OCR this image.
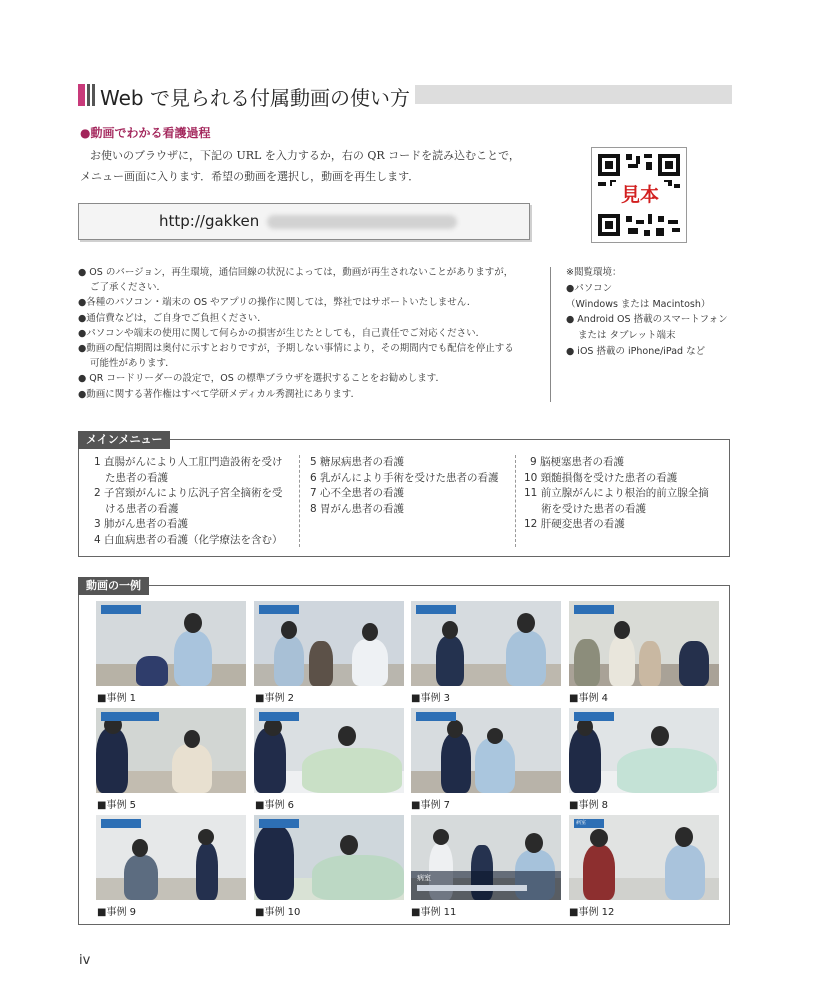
Web で見られる付属動画の使い方
●動画でわかる看護過程
お使いのブラウザに，下記の URL を入力するか，右の QR コードを読み込むことで，
メニュー画面に入ります．希望の動画を選択し，動画を再生します．
http://gakken
見本
● OS のバージョン，再生環境，通信回線の状況によっては，動画が再生されないことがありますが，
ご了承ください．
●各種のパソコン・端末の OS やアプリの操作に関しては，弊社ではサポートいたしません．
●通信費などは，ご自身でご負担ください．
●パソコンや端末の使用に関して何らかの損害が生じたとしても，自己責任でご対応ください．
●動画の配信期間は奥付に示すとおりですが，予期しない事情により，その期間内でも配信を停止する
可能性があります．
● QR コードリーダーの設定で，OS の標準ブラウザを選択することをお勧めします．
●動画に関する著作権はすべて学研メディカル秀潤社にあります．
※閲覧環境：
●パソコン
（Windows または Macintosh）
● Android OS 搭載のスマートフォン
または タブレット端末
● iOS 搭載の iPhone/iPad など
メインメニュー
1 直腸がんにより人工肛門造設術を受け
た患者の看護
2 子宮頸がんにより広汎子宮全摘術を受
ける患者の看護
3 肺がん患者の看護
4 白血病患者の看護（化学療法を含む）
5 糖尿病患者の看護
6 乳がんにより手術を受けた患者の看護
7 心不全患者の看護
8 胃がん患者の看護
9 脳梗塞患者の看護
10 頸髄損傷を受けた患者の看護
11 前立腺がんにより根治的前立腺全摘
術を受けた患者の看護
12 肝硬変患者の看護
動画の一例
■事例 1	■事例 2	■事例 3	■事例 4
■事例 5	■事例 6	■事例 7	■事例 8
■事例 9	■事例 10
病室
■事例 11
病室
■事例 12
iv
